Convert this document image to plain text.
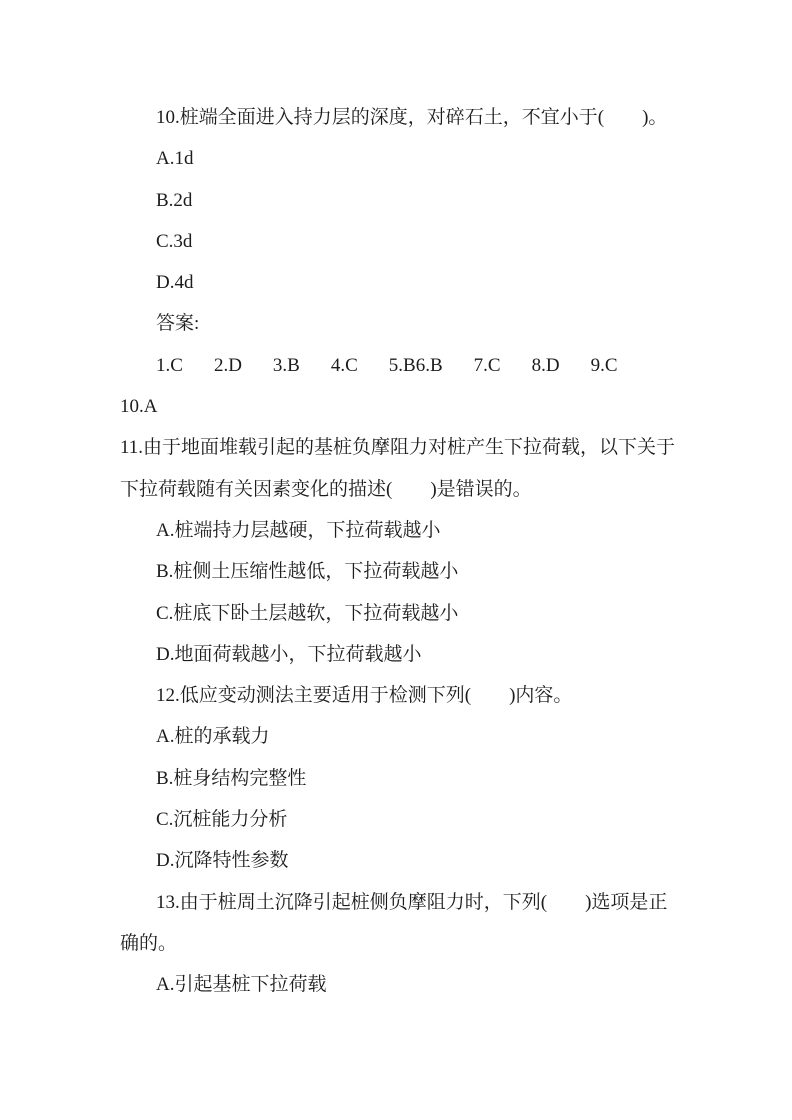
10.桩端全面进入持力层的深度，对碎石土，不宜小于(　　)。

A.1d

B.2d

C.3d

D.4d

答案:

1.C 2.D 3.B 4.C 5.B6.B 7.C 8.D 9.C

10.A

11.由于地面堆载引起的基桩负摩阻力对桩产生下拉荷载，以下关于

下拉荷载随有关因素变化的描述(　　)是错误的。

A.桩端持力层越硬，下拉荷载越小

B.桩侧土压缩性越低，下拉荷载越小

C.桩底下卧土层越软，下拉荷载越小

D.地面荷载越小，下拉荷载越小

12.低应变动测法主要适用于检测下列(　　)内容。

A.桩的承载力

B.桩身结构完整性

C.沉桩能力分析

D.沉降特性参数

13.由于桩周土沉降引起桩侧负摩阻力时，下列(　　)选项是正

确的。

A.引起基桩下拉荷载
